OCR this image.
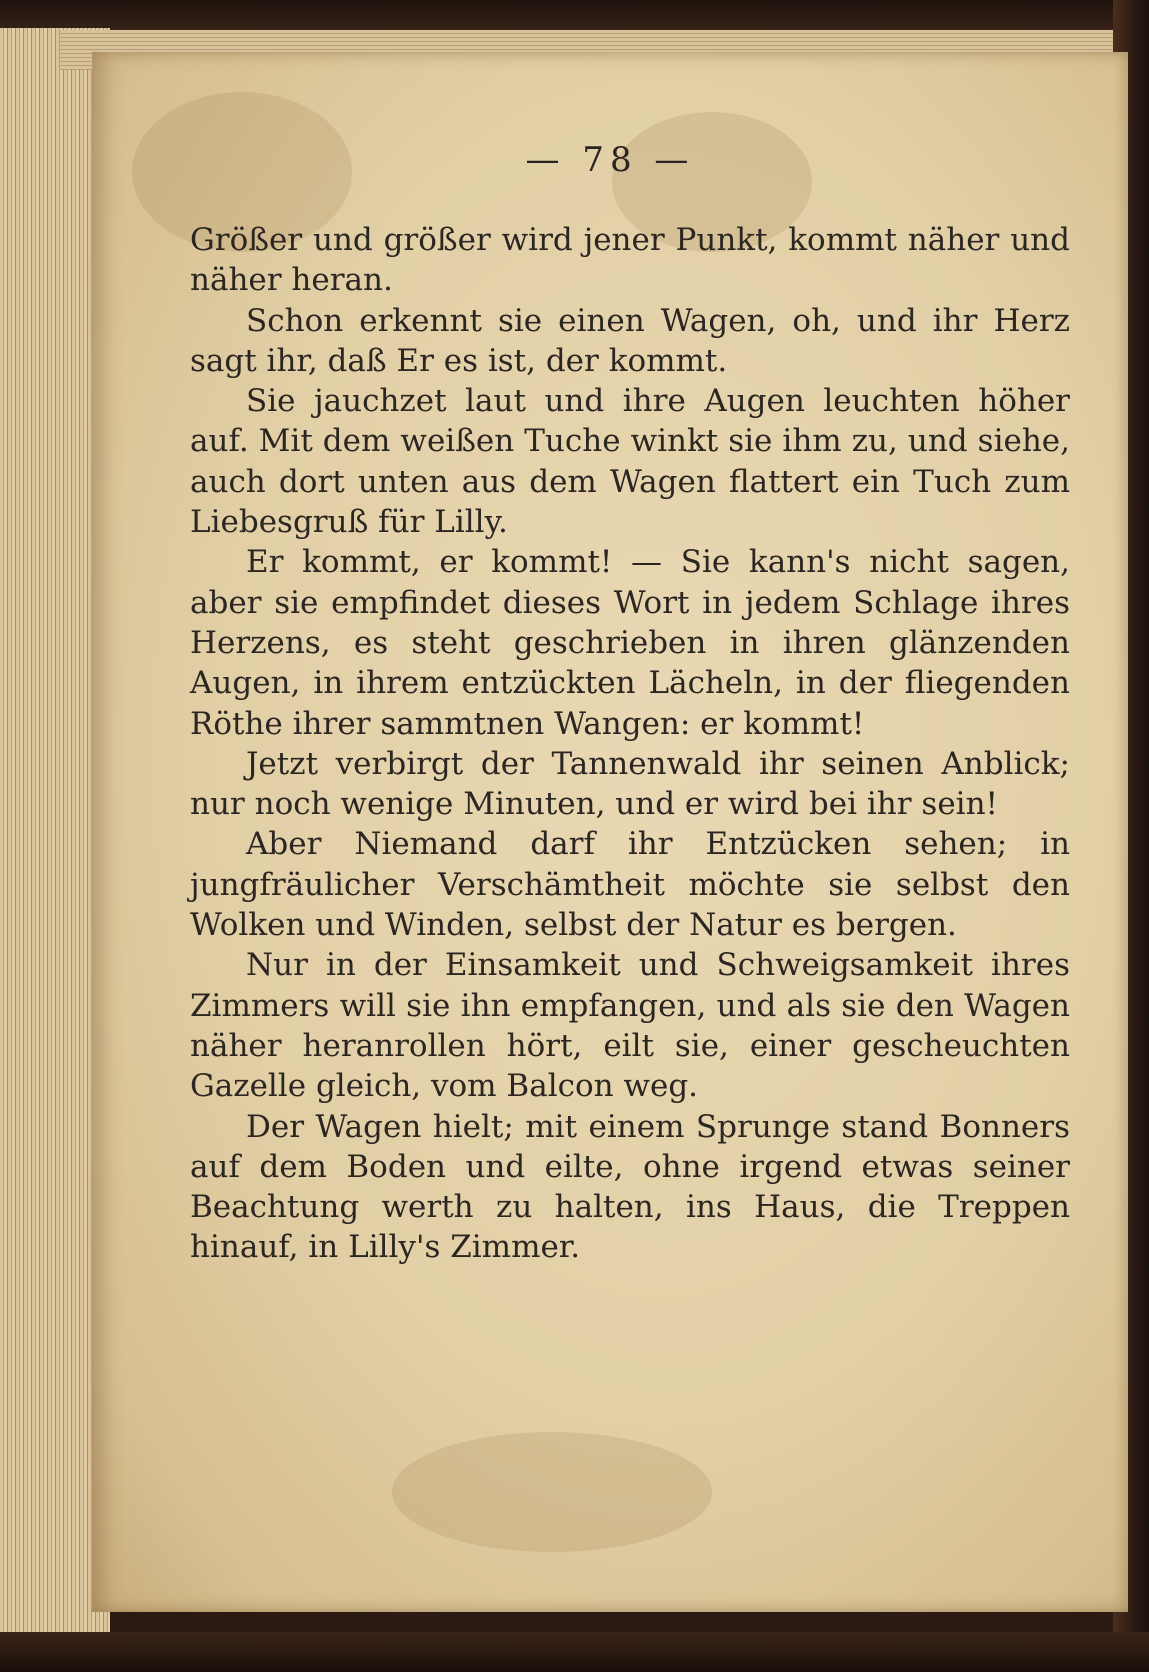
— 78 —

Größer und größer wird jener Punkt, kommt näher und näher heran.

Schon erkennt sie einen Wagen, oh, und ihr Herz sagt ihr, daß Er es ist, der kommt.

Sie jauchzet laut und ihre Augen leuchten höher auf. Mit dem weißen Tuche winkt sie ihm zu, und siehe, auch dort unten aus dem Wagen flattert ein Tuch zum Liebesgruß für Lilly.

Er kommt, er kommt! — Sie kann's nicht sagen, aber sie empfindet dieses Wort in jedem Schlage ihres Herzens, es steht geschrieben in ihren glänzenden Augen, in ihrem entzückten Lächeln, in der fliegenden Röthe ihrer sammtnen Wangen: er kommt!

Jetzt verbirgt der Tannenwald ihr seinen Anblick; nur noch wenige Minuten, und er wird bei ihr sein!

Aber Niemand darf ihr Entzücken sehen; in jungfräulicher Verschämtheit möchte sie selbst den Wolken und Winden, selbst der Natur es bergen.

Nur in der Einsamkeit und Schweigsamkeit ihres Zimmers will sie ihn empfangen, und als sie den Wagen näher heranrollen hört, eilt sie, einer gescheuchten Gazelle gleich, vom Balcon weg.

Der Wagen hielt; mit einem Sprunge stand Bonners auf dem Boden und eilte, ohne irgend etwas seiner Beachtung werth zu halten, ins Haus, die Treppen hinauf, in Lilly's Zimmer.
